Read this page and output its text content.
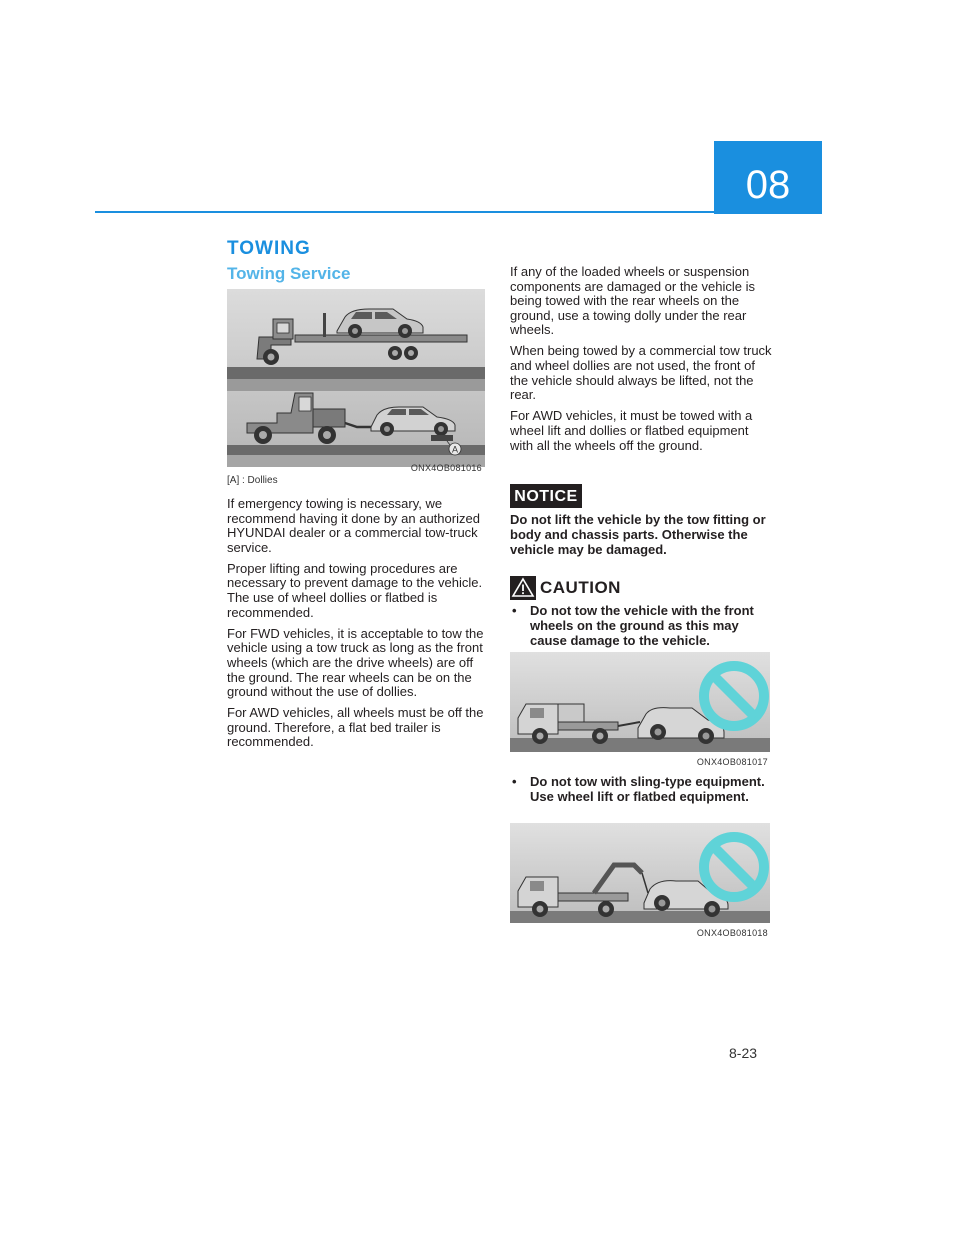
08
TOWING
Towing Service
A
ONX4OB081016
[A] : Dollies

If emergency towing is necessary, we recommend having it done by an authorized HYUNDAI dealer or a commercial tow-truck service.

Proper lifting and towing procedures are necessary to prevent damage to the vehicle. The use of wheel dollies or flatbed is recommended.

For FWD vehicles, it is acceptable to tow the vehicle using a tow truck as long as the front wheels (which are the drive wheels) are off the ground. The rear wheels can be on the ground without the use of dollies.

For AWD vehicles, all wheels must be off the ground. Therefore, a flat bed trailer is recommended.

If any of the loaded wheels or suspension components are damaged or the vehicle is being towed with the rear wheels on the ground, use a towing dolly under the rear wheels.

When being towed by a commercial tow truck and wheel dollies are not used, the front of the vehicle should always be lifted, not the rear.

For AWD vehicles, it must be towed with a wheel lift and dollies or flatbed equipment with all the wheels off the ground.

NOTICE
Do not lift the vehicle by the tow fitting or body and chassis parts. Otherwise the vehicle may be damaged.
CAUTION
• Do not tow the vehicle with the front wheels on the ground as this may cause damage to the vehicle.
ONX4OB081017
• Do not tow with sling-type equipment. Use wheel lift or flatbed equipment.
ONX4OB081018
8-23
